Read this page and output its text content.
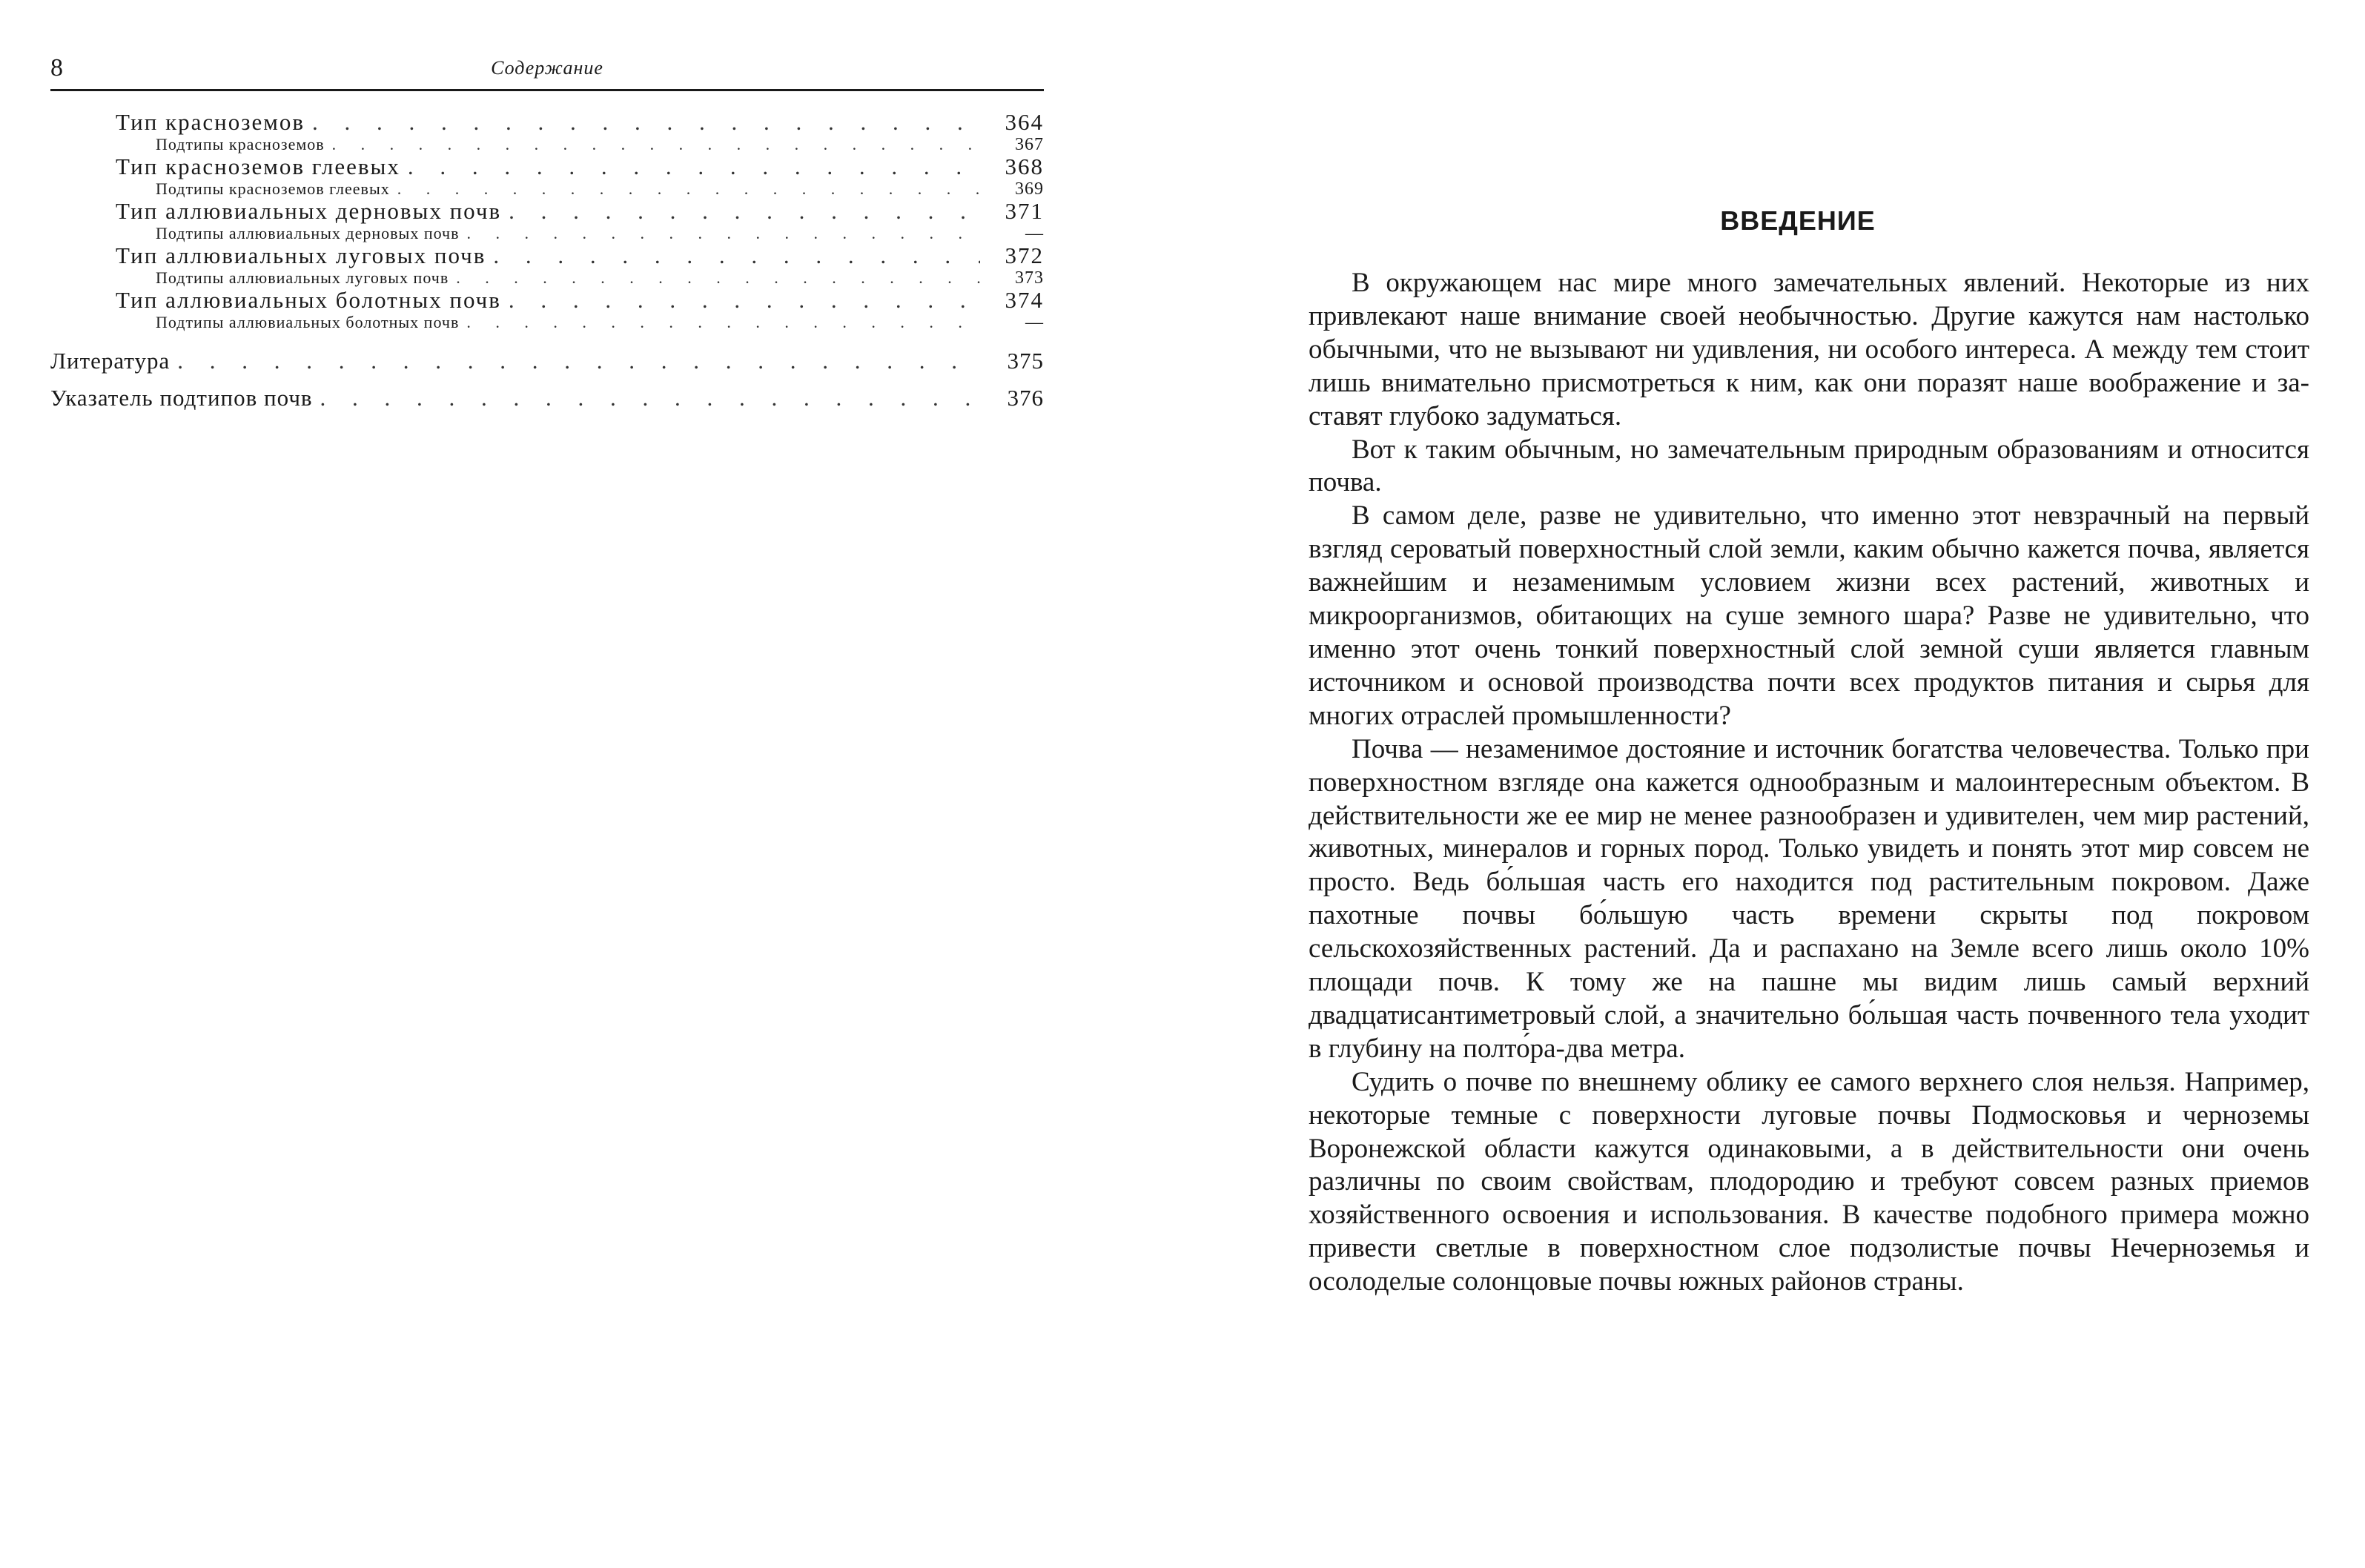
8	Содержание
Тип красноземов . . .	364
Подтипы красноземов . . .	367
Тип красноземов глеевых . . .	368
Подтипы красноземов глеевых . . .	369
Тип аллювиальных дерновых почв . . .	371
Подтипы аллювиальных дерновых почв . . .	—
Тип аллювиальных луговых почв . . .	372
Подтипы аллювиальных луговых почв . . .	373
Тип аллювиальных болотных почв . . .	374
Подтипы аллювиальных болотных почв . . .	—
Литература . . .	375
Указатель подтипов почв . . .	376
ВВЕДЕНИЕ

В окружающем нас мире много замечательных явлений. Некоторые из них привлекают наше внимание своей необычностью. Другие кажутся нам настолько обычными, что не вызывают ни удивления, ни особого интереса. А между тем стоит лишь внимательно присмотреться к ним, как они поразят наше воображение и заставят глубоко задуматься.

Вот к таким обычным, но замечательным природным образованиям и относится почва.

В самом деле, разве не удивительно, что именно этот невзрачный на первый взгляд сероватый поверхностный слой земли, каким обычно кажется почва, является важнейшим и незаменимым условием жизни всех растений, животных и микроорганизмов, обитающих на суше земного шара? Разве не удивительно, что именно этот очень тонкий поверхностный слой земной суши является главным источником и основой производства почти всех продуктов питания и сырья для многих отраслей промышленности?

Почва — незаменимое достояние и источник богатства человечества. Только при поверхностном взгляде она кажется однообразным и малоинтересным объектом. В действительности же ее мир не менее разнообразен и удивителен, чем мир растений, животных, минералов и горных пород. Только увидеть и понять этот мир совсем не просто. Ведь бо́льшая часть его находится под растительным покровом. Даже пахотные почвы бо́льшую часть времени скрыты под покровом сельскохозяйственных растений. Да и распахано на Земле всего лишь около 10% площади почв. К тому же на пашне мы видим лишь самый верхний двадцатисантиметровый слой, а значительно бо́льшая часть почвенного тела уходит в глубину на полто́ра-два метра.

Судить о почве по внешнему облику ее самого верхнего слоя нельзя. Например, некоторые темные с поверхности луговые почвы Подмосковья и черноземы Воронежской области кажутся одинаковыми, а в действительности они очень различны по своим свойствам, плодородию и требуют совсем разных приемов хозяйственного освоения и использования. В качестве подобного примера можно привести светлые в поверхностном слое подзолистые почвы Нечерноземья и осолоделые солонцовые почвы южных районов страны.
